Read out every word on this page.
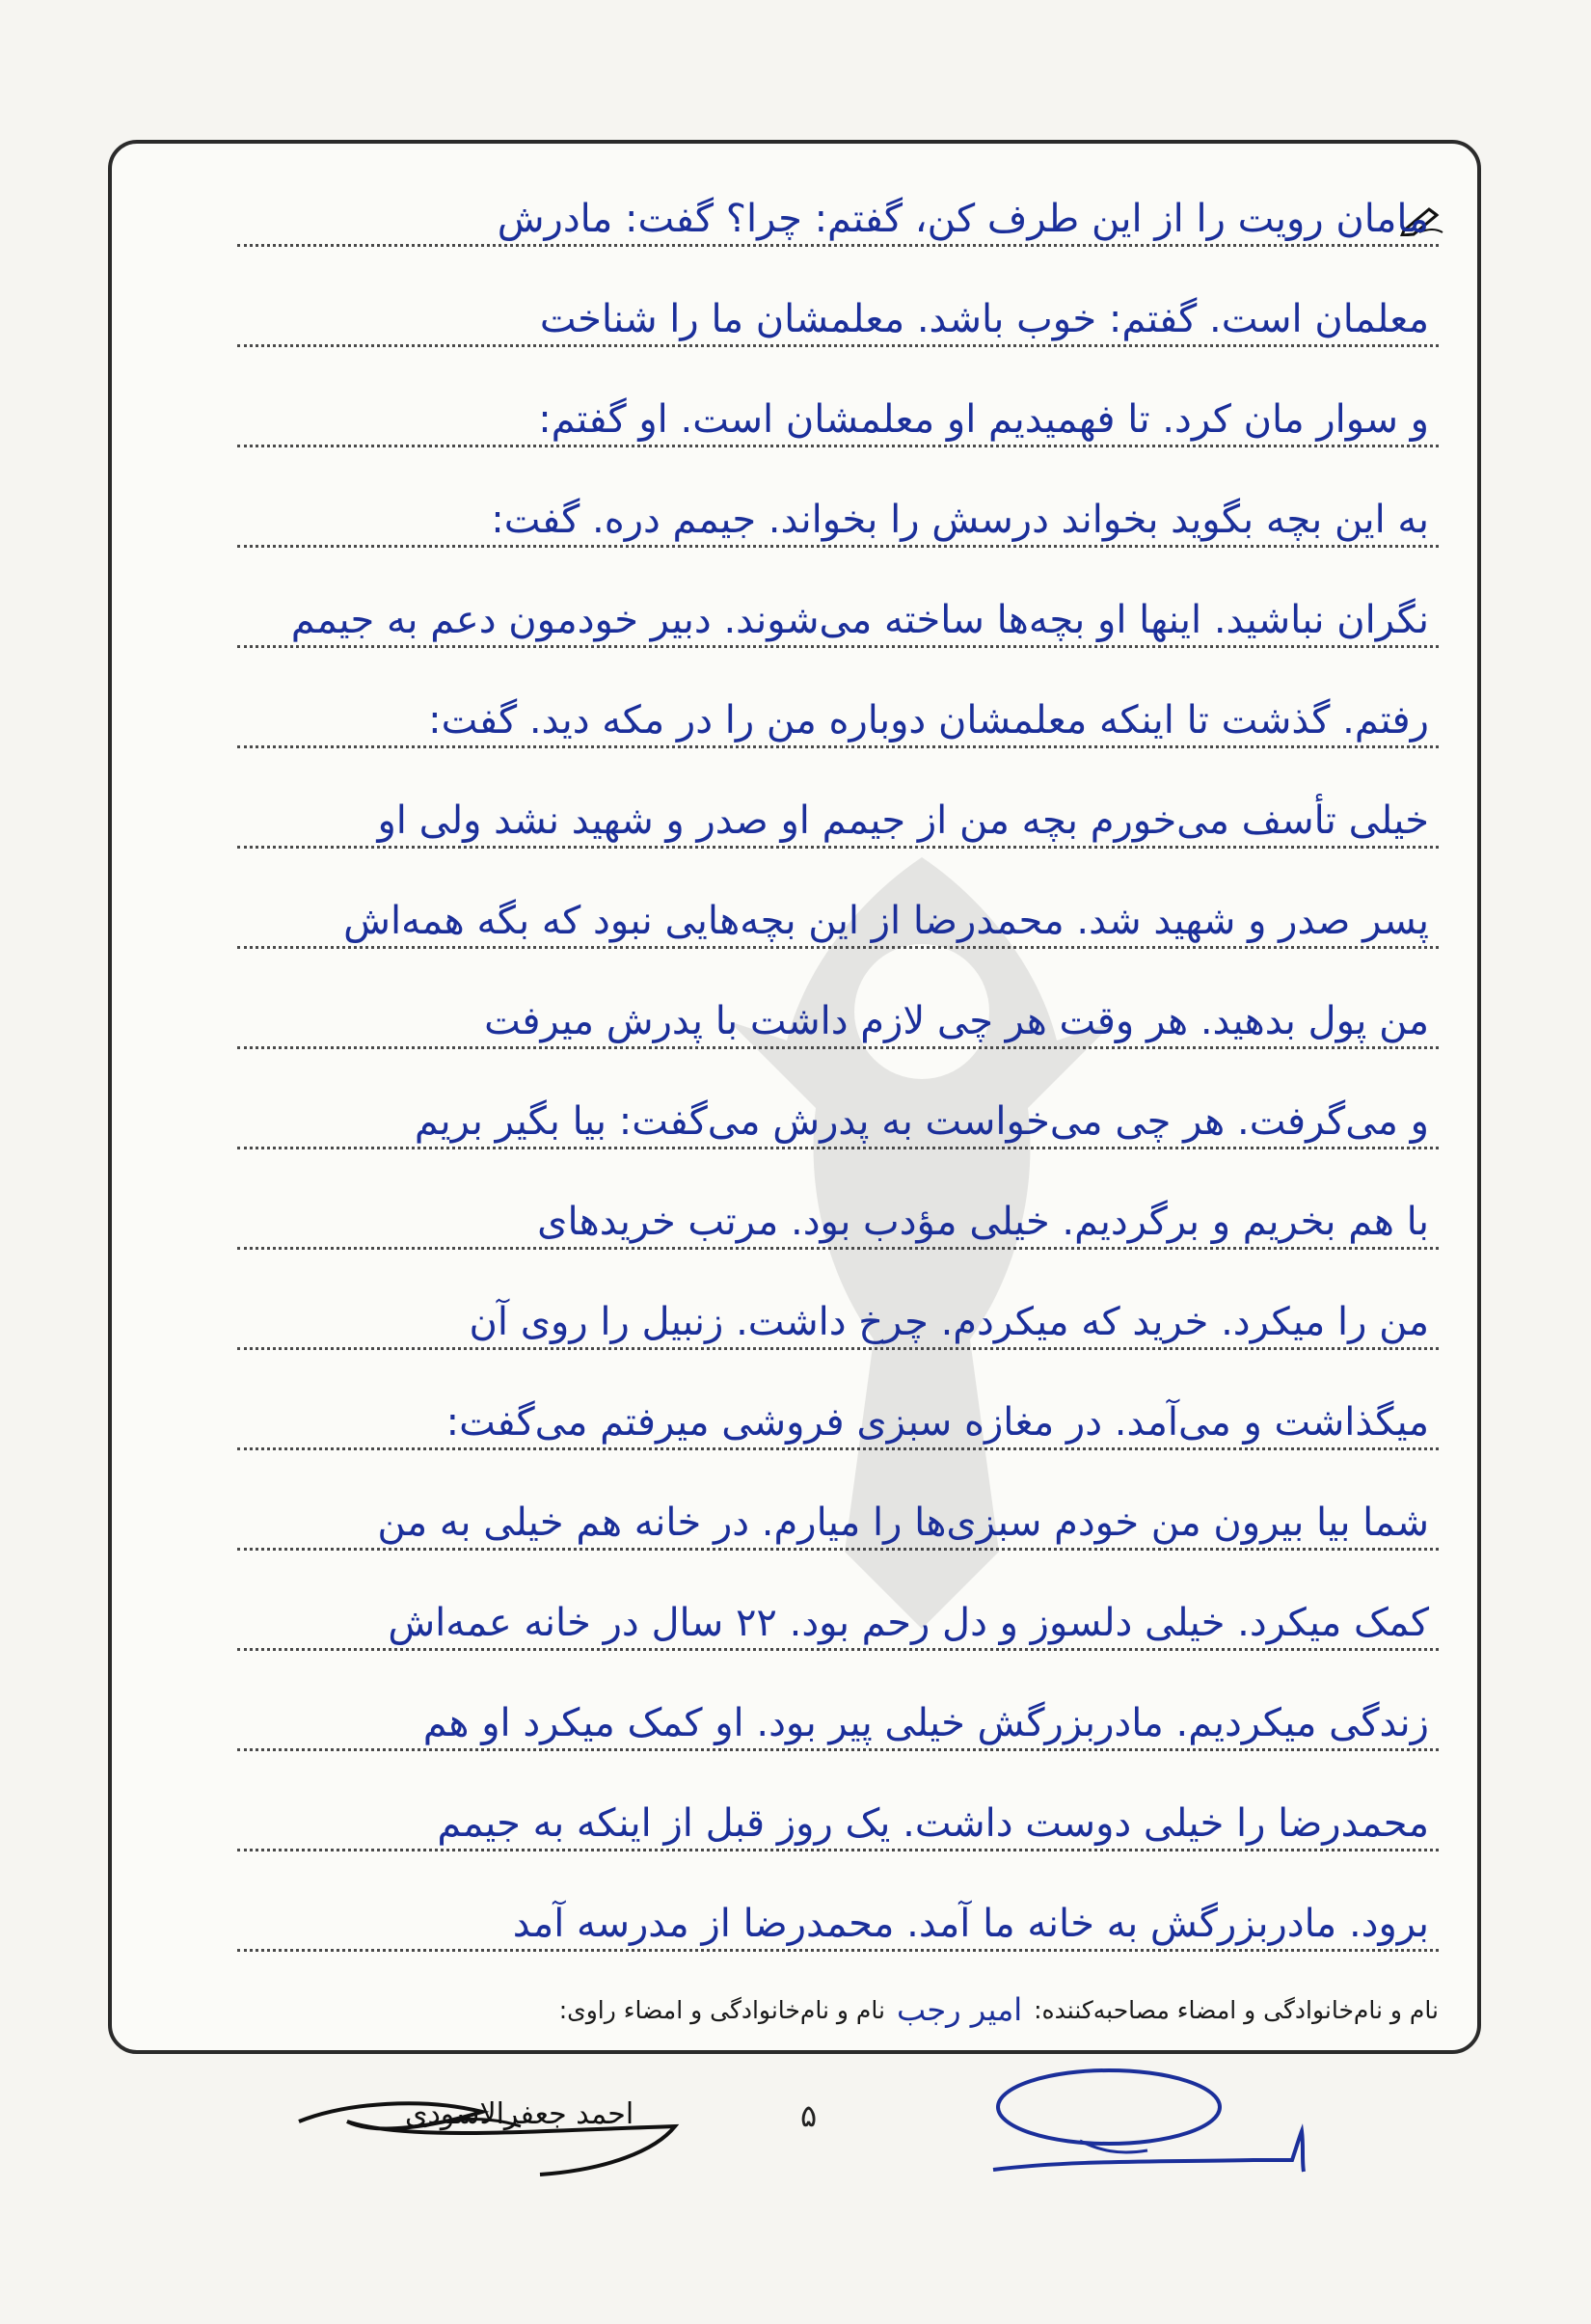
مامان رویت را از این طرف کن، گفتم: چرا؟ گفت: مادرش
معلمان است. گفتم: خوب باشد. معلمشان ما را شناخت
و سوار مان کرد. تا فهمیدیم او معلمشان است. او گفتم:
به این بچه بگوید بخواند درسش را بخواند. جیمم دره. گفت:
نگران نباشید. اینها او بچه‌ها ساخته می‌شوند. دبیر خودمون دعم به جیمم
رفتم. گذشت تا اینکه معلمشان دوباره من را در مکه دید. گفت:
خیلی تأسف می‌خورم بچه من از جیمم او صدر و شهید نشد ولی او
پسر صدر و شهید شد. محمدرضا از این بچه‌هایی نبود که بگه همه‌اش
من پول بدهید. هر وقت هر چی لازم داشت با پدرش میرفت
و می‌گرفت. هر چی می‌خواست به پدرش می‌گفت: بیا بگیر بریم
با هم بخریم و برگردیم. خیلی مؤدب بود. مرتب خریدهای
من را میکرد. خرید که میکردم. چرخ داشت. زنبیل را روی آن
میگذاشت و می‌آمد. در مغازه سبزی فروشی میرفتم می‌گفت:
شما بیا بیرون من خودم سبزی‌ها را میارم. در خانه هم خیلی به من
کمک میکرد. خیلی دلسوز و دل رحم بود. ۲۲ سال در خانه عمه‌اش
زندگی میکردیم. مادربزرگش خیلی پیر بود. او کمک میکرد او هم
محمدرضا را خیلی دوست داشت. یک روز قبل از اینکه به جیمم
برود. مادربزرگش به خانه ما آمد. محمدرضا از مدرسه آمد
نام و نام‌خانوادگی و امضاء مصاحبه‌کننده:
امیر رجب
نام و نام‌خانوادگی و امضاء راوی:
احمد جعفرالاسودی	۵
